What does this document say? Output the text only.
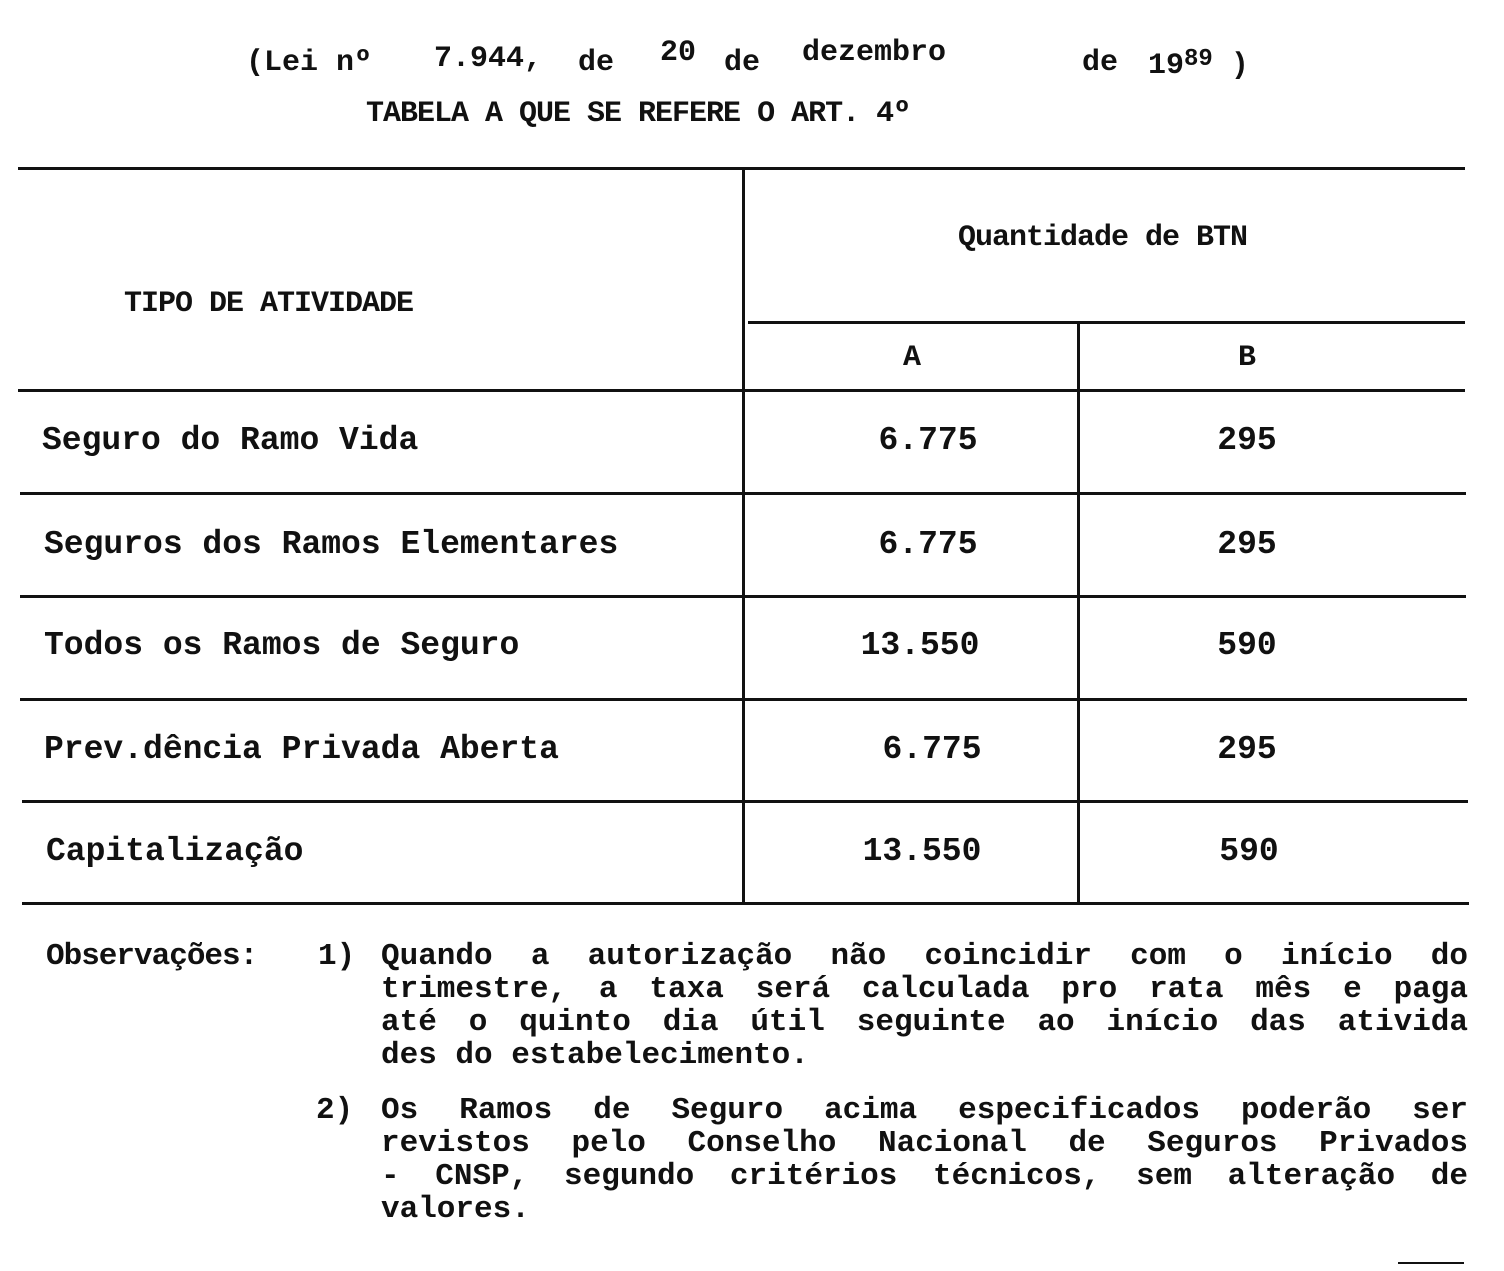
(Lei nº 7.944, de 20 de dezembro	de $19^{89}$ )
TABELA A QUE SE REFERE O ART. 4º
TIPO DE ATIVIDADE
Quantidade de BTN
A	B
Seguro do Ramo Vida	6.775	295
Seguros dos Ramos Elementares	6.775	295
Todos os Ramos de Seguro	13.550	590
Prev.dência Privada Aberta	6.775	295
Capitalização	13.550	590
Observações: 1) Quando a autorização não coincidir com o início do
trimestre, a taxa será calculada pro rata mês e paga
até o quinto dia útil seguinte ao início das ativida
des do estabelecimento.
2) Os Ramos de Seguro acima especificados poderão ser
revistos pelo Conselho Nacional de Seguros Privados
- CNSP, segundo critérios técnicos, sem alteração de
valores.
